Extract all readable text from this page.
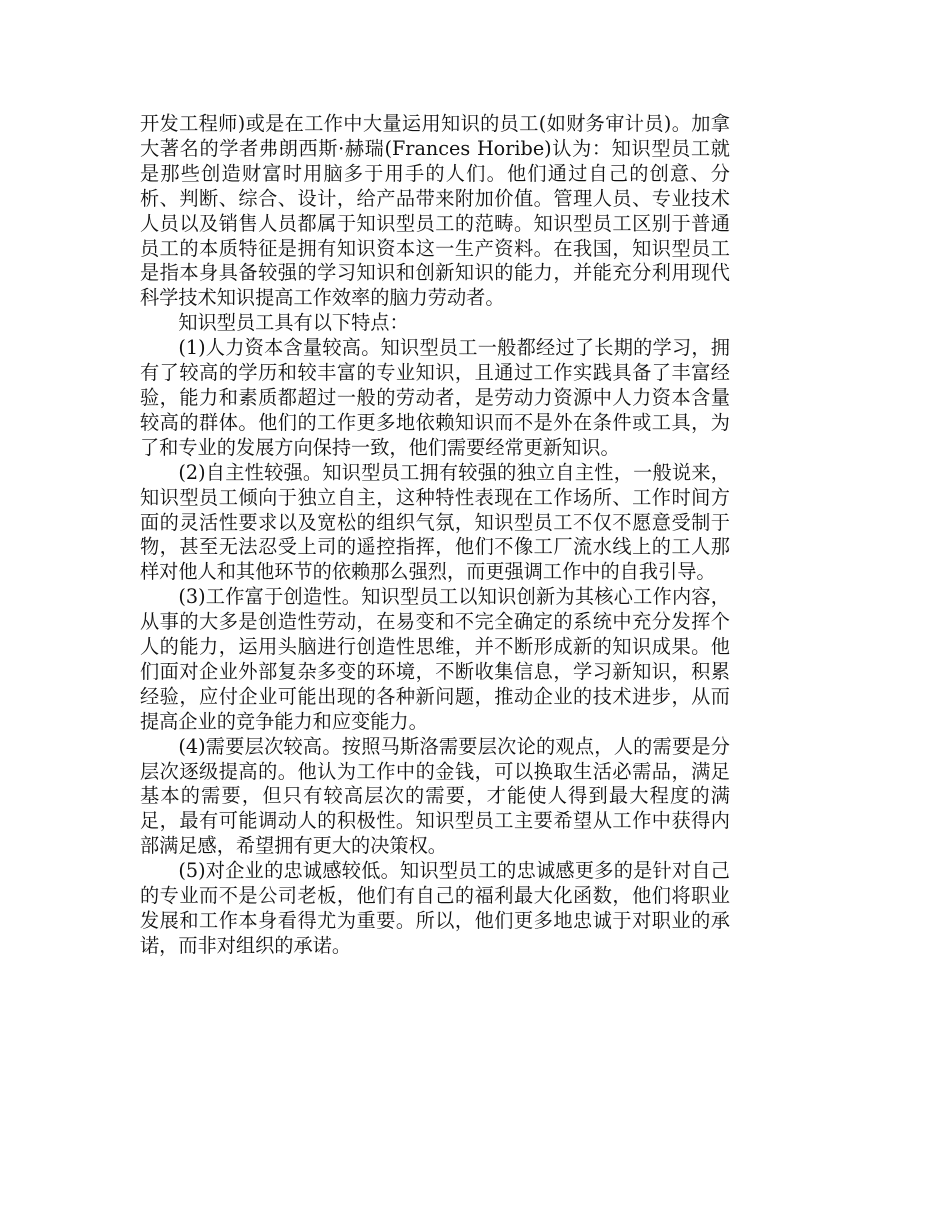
开发工程师)或是在工作中大量运用知识的员工(如财务审计员)。加拿大著名的学者弗朗西斯·赫瑞(Frances Horibe)认为：知识型员工就是那些创造财富时用脑多于用手的人们。他们通过自己的创意、分析、判断、综合、设计，给产品带来附加价值。管理人员、专业技术人员以及销售人员都属于知识型员工的范畴。知识型员工区别于普通员工的本质特征是拥有知识资本这一生产资料。在我国，知识型员工是指本身具备较强的学习知识和创新知识的能力，并能充分利用现代科学技术知识提高工作效率的脑力劳动者。

知识型员工具有以下特点：

(1)人力资本含量较高。知识型员工一般都经过了长期的学习，拥有了较高的学历和较丰富的专业知识，且通过工作实践具备了丰富经验，能力和素质都超过一般的劳动者，是劳动力资源中人力资本含量较高的群体。他们的工作更多地依赖知识而不是外在条件或工具，为了和专业的发展方向保持一致，他们需要经常更新知识。

(2)自主性较强。知识型员工拥有较强的独立自主性，一般说来，知识型员工倾向于独立自主，这种特性表现在工作场所、工作时间方面的灵活性要求以及宽松的组织气氛，知识型员工不仅不愿意受制于物，甚至无法忍受上司的遥控指挥，他们不像工厂流水线上的工人那样对他人和其他环节的依赖那么强烈，而更强调工作中的自我引导。

(3)工作富于创造性。知识型员工以知识创新为其核心工作内容，从事的大多是创造性劳动，在易变和不完全确定的系统中充分发挥个人的能力，运用头脑进行创造性思维，并不断形成新的知识成果。他们面对企业外部复杂多变的环境，不断收集信息，学习新知识，积累经验，应付企业可能出现的各种新问题，推动企业的技术进步，从而提高企业的竞争能力和应变能力。

(4)需要层次较高。按照马斯洛需要层次论的观点，人的需要是分层次逐级提高的。他认为工作中的金钱，可以换取生活必需品，满足基本的需要，但只有较高层次的需要，才能使人得到最大程度的满足，最有可能调动人的积极性。知识型员工主要希望从工作中获得内部满足感，希望拥有更大的决策权。

(5)对企业的忠诚感较低。知识型员工的忠诚感更多的是针对自己的专业而不是公司老板，他们有自己的福利最大化函数，他们将职业发展和工作本身看得尤为重要。所以，他们更多地忠诚于对职业的承诺，而非对组织的承诺。
